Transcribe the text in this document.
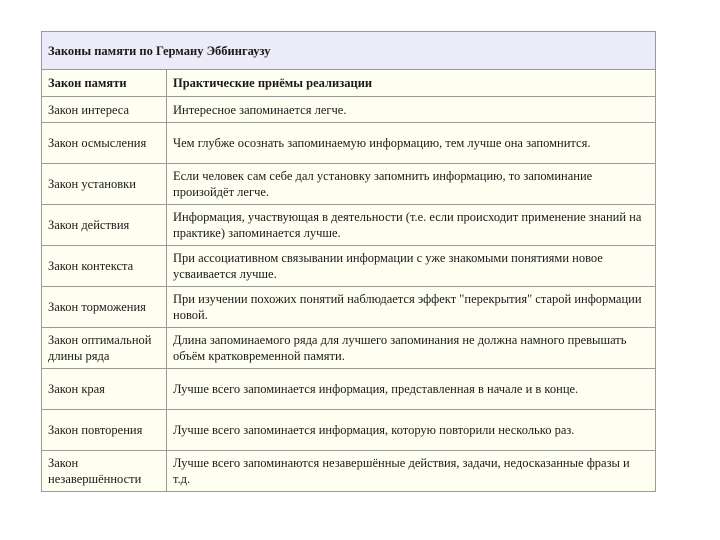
Законы памяти по Герману Эббингаузу	
Закон памяти	Практические приёмы реализации
Закон интереса	Интересное запоминается легче.
Закон осмысления	Чем глубже осознать запоминаемую информацию, тем лучше она запомнится.
Закон установки	Если человек сам себе дал установку запомнить информацию, то запоминание произойдёт легче.
Закон действия	Информация, участвующая в деятельности (т.е. если происходит применение знаний на практике) запоминается лучше.
Закон контекста	При ассоциативном связывании информации с уже знакомыми понятиями новое усваивается лучше.
Закон торможения	При изучении похожих понятий наблюдается эффект "перекрытия" старой информации новой.
Закон оптимальной длины ряда	Длина запоминаемого ряда для лучшего запоминания не должна намного превышать объём кратковременной памяти.
Закон края	Лучше всего запоминается информация, представленная в начале и в конце.
Закон повторения	Лучше всего запоминается информация, которую повторили несколько раз.
Закон незавершённости	Лучше всего запоминаются незавершённые действия, задачи, недосказанные фразы и т.д.
